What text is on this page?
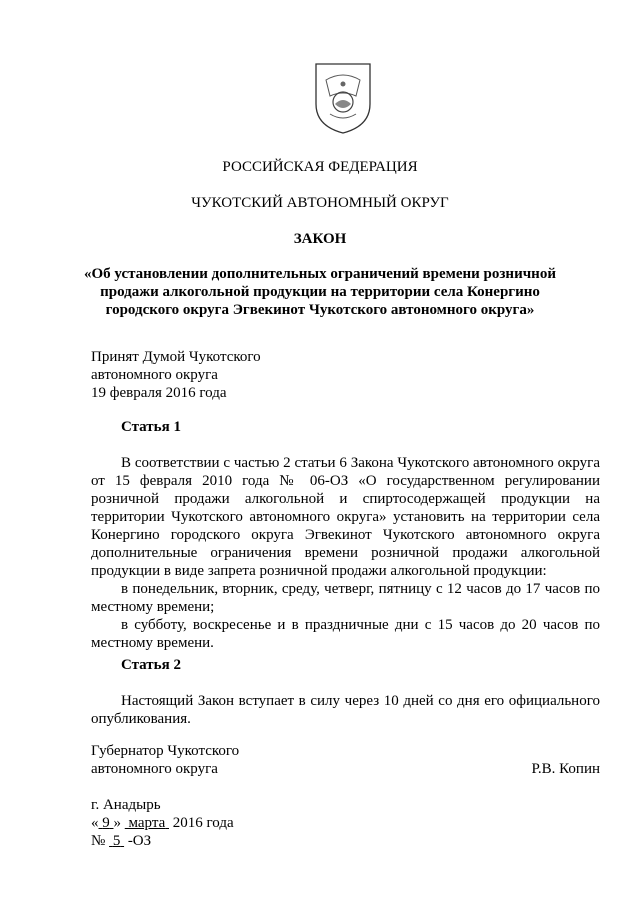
РОССИЙСКАЯ ФЕДЕРАЦИЯ
ЧУКОТСКИЙ АВТОНОМНЫЙ ОКРУГ
ЗАКОН
«Об установлении дополнительных ограничений времени розничной
продажи алкогольной продукции на территории села Конергино
городского округа Эгвекинот Чукотского автономного округа»
Принят Думой Чукотского
автономного округа
19 февраля 2016 года
Статья 1

В соответствии с частью 2 статьи 6 Закона Чукотского автономного округа от 15 февраля 2010 года № 06-ОЗ «О государственном регулировании розничной продажи алкогольной и спиртосодержащей продукции на территории Чукотского автономного округа» установить на территории села Конергино городского округа Эгвекинот Чукотского автономного округа дополнительные ограничения времени розничной продажи алкогольной продукции в виде запрета розничной продажи алкогольной продукции:

в понедельник, вторник, среду, четверг, пятницу с 12 часов до 17 часов по местному времени;

в субботу, воскресенье и в праздничные дни с 15 часов до 20 часов по местному времени.

Статья 2

Настоящий Закон вступает в силу через 10 дней со дня его официального опубликования.

Губернатор Чукотского
автономного округа	Р.В. Копин
г. Анадырь
« 9 » марта 2016 года
№ 5 -ОЗ
